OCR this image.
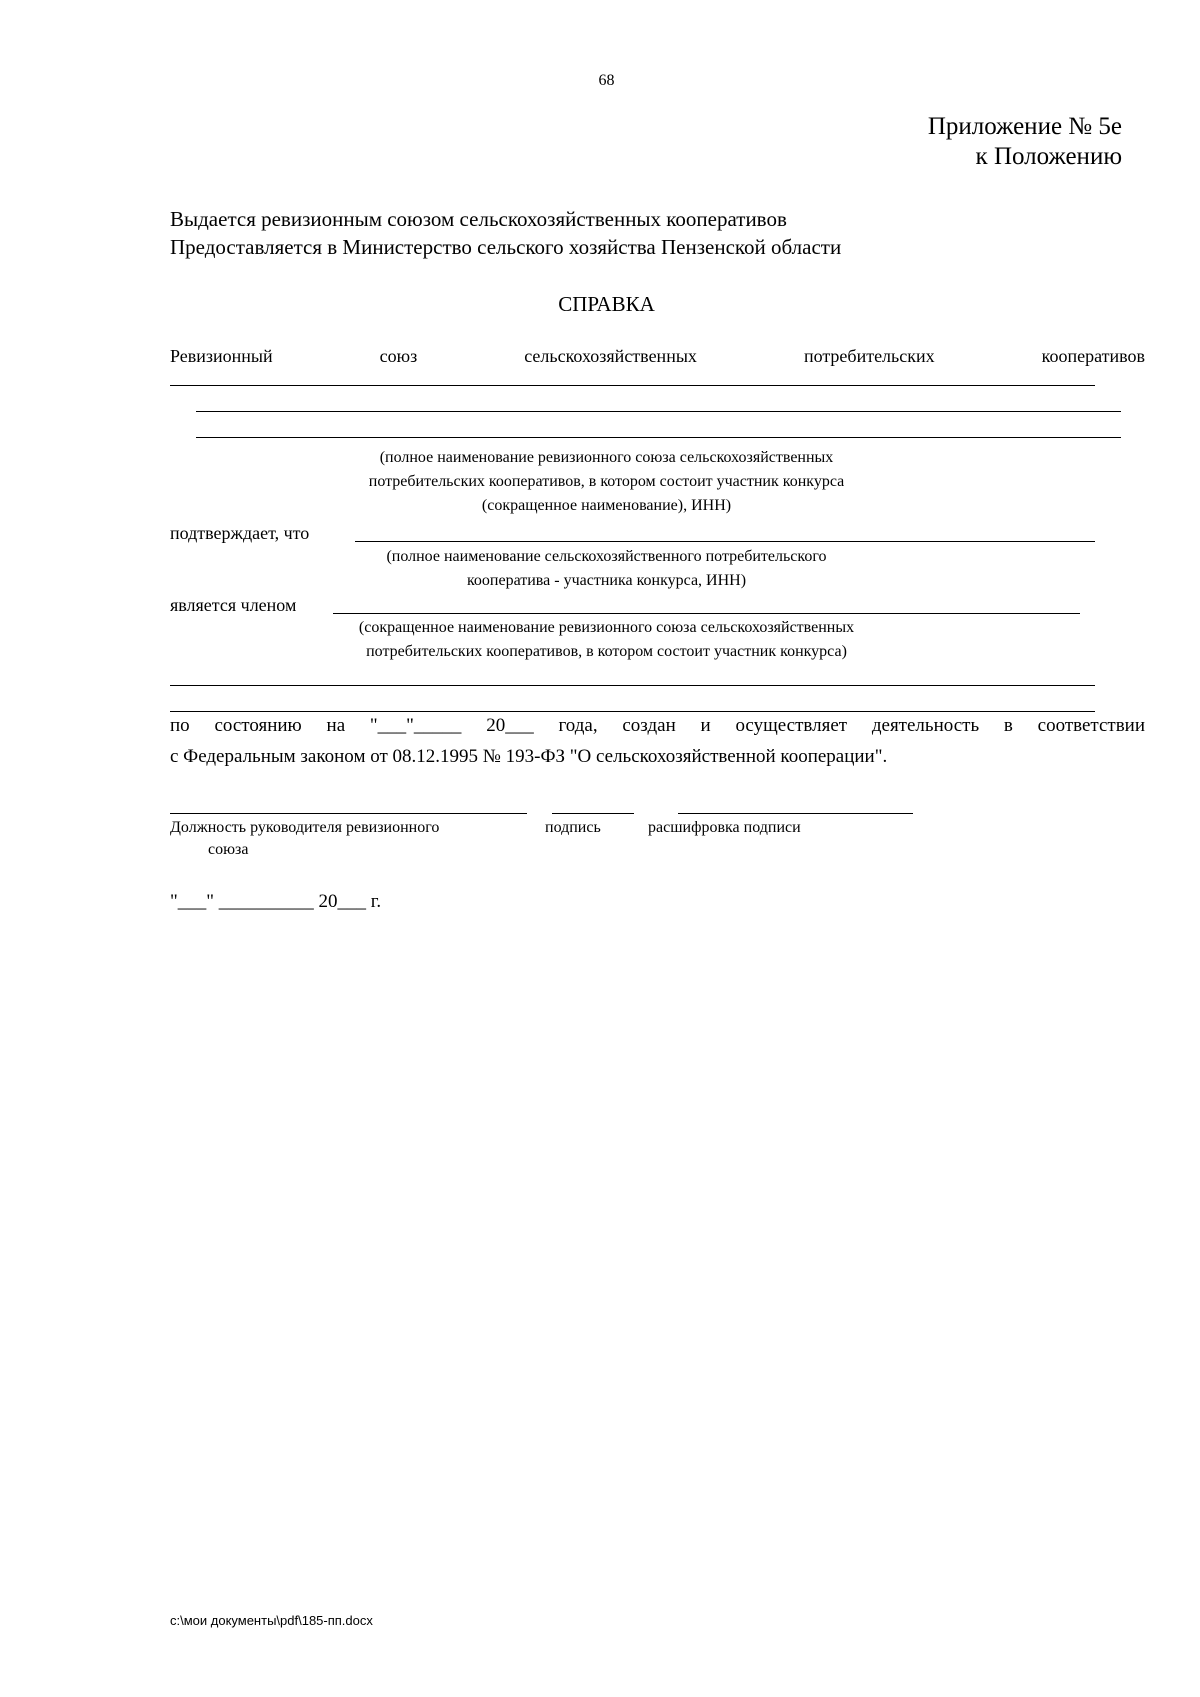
68
Приложение № 5е
к Положению
Выдается ревизионным союзом сельскохозяйственных кооперативов
Предоставляется в Министерство сельского хозяйства Пензенской области
СПРАВКА
Ревизионный	союз	сельскохозяйственных	потребительских	кооперативов
(полное наименование ревизионного союза сельскохозяйственных
потребительских кооперативов, в котором состоит участник конкурса
(сокращенное наименование), ИНН)
подтверждает, что
(полное наименование сельскохозяйственного потребительского
кооператива - участника конкурса, ИНН)
является членом
(сокращенное наименование ревизионного союза сельскохозяйственных
потребительских кооперативов, в котором состоит участник конкурса)
по состоянию на "___"_____ 20___ года, создан и осуществляет деятельность в соответствии
с Федеральным законом от 08.12.1995 № 193-ФЗ "О сельскохозяйственной кооперации".
Должность руководителя ревизионного
союза
подпись	расшифровка подписи
"___" __________ 20___ г.
c:\мои документы\pdf\185-пп.docx
